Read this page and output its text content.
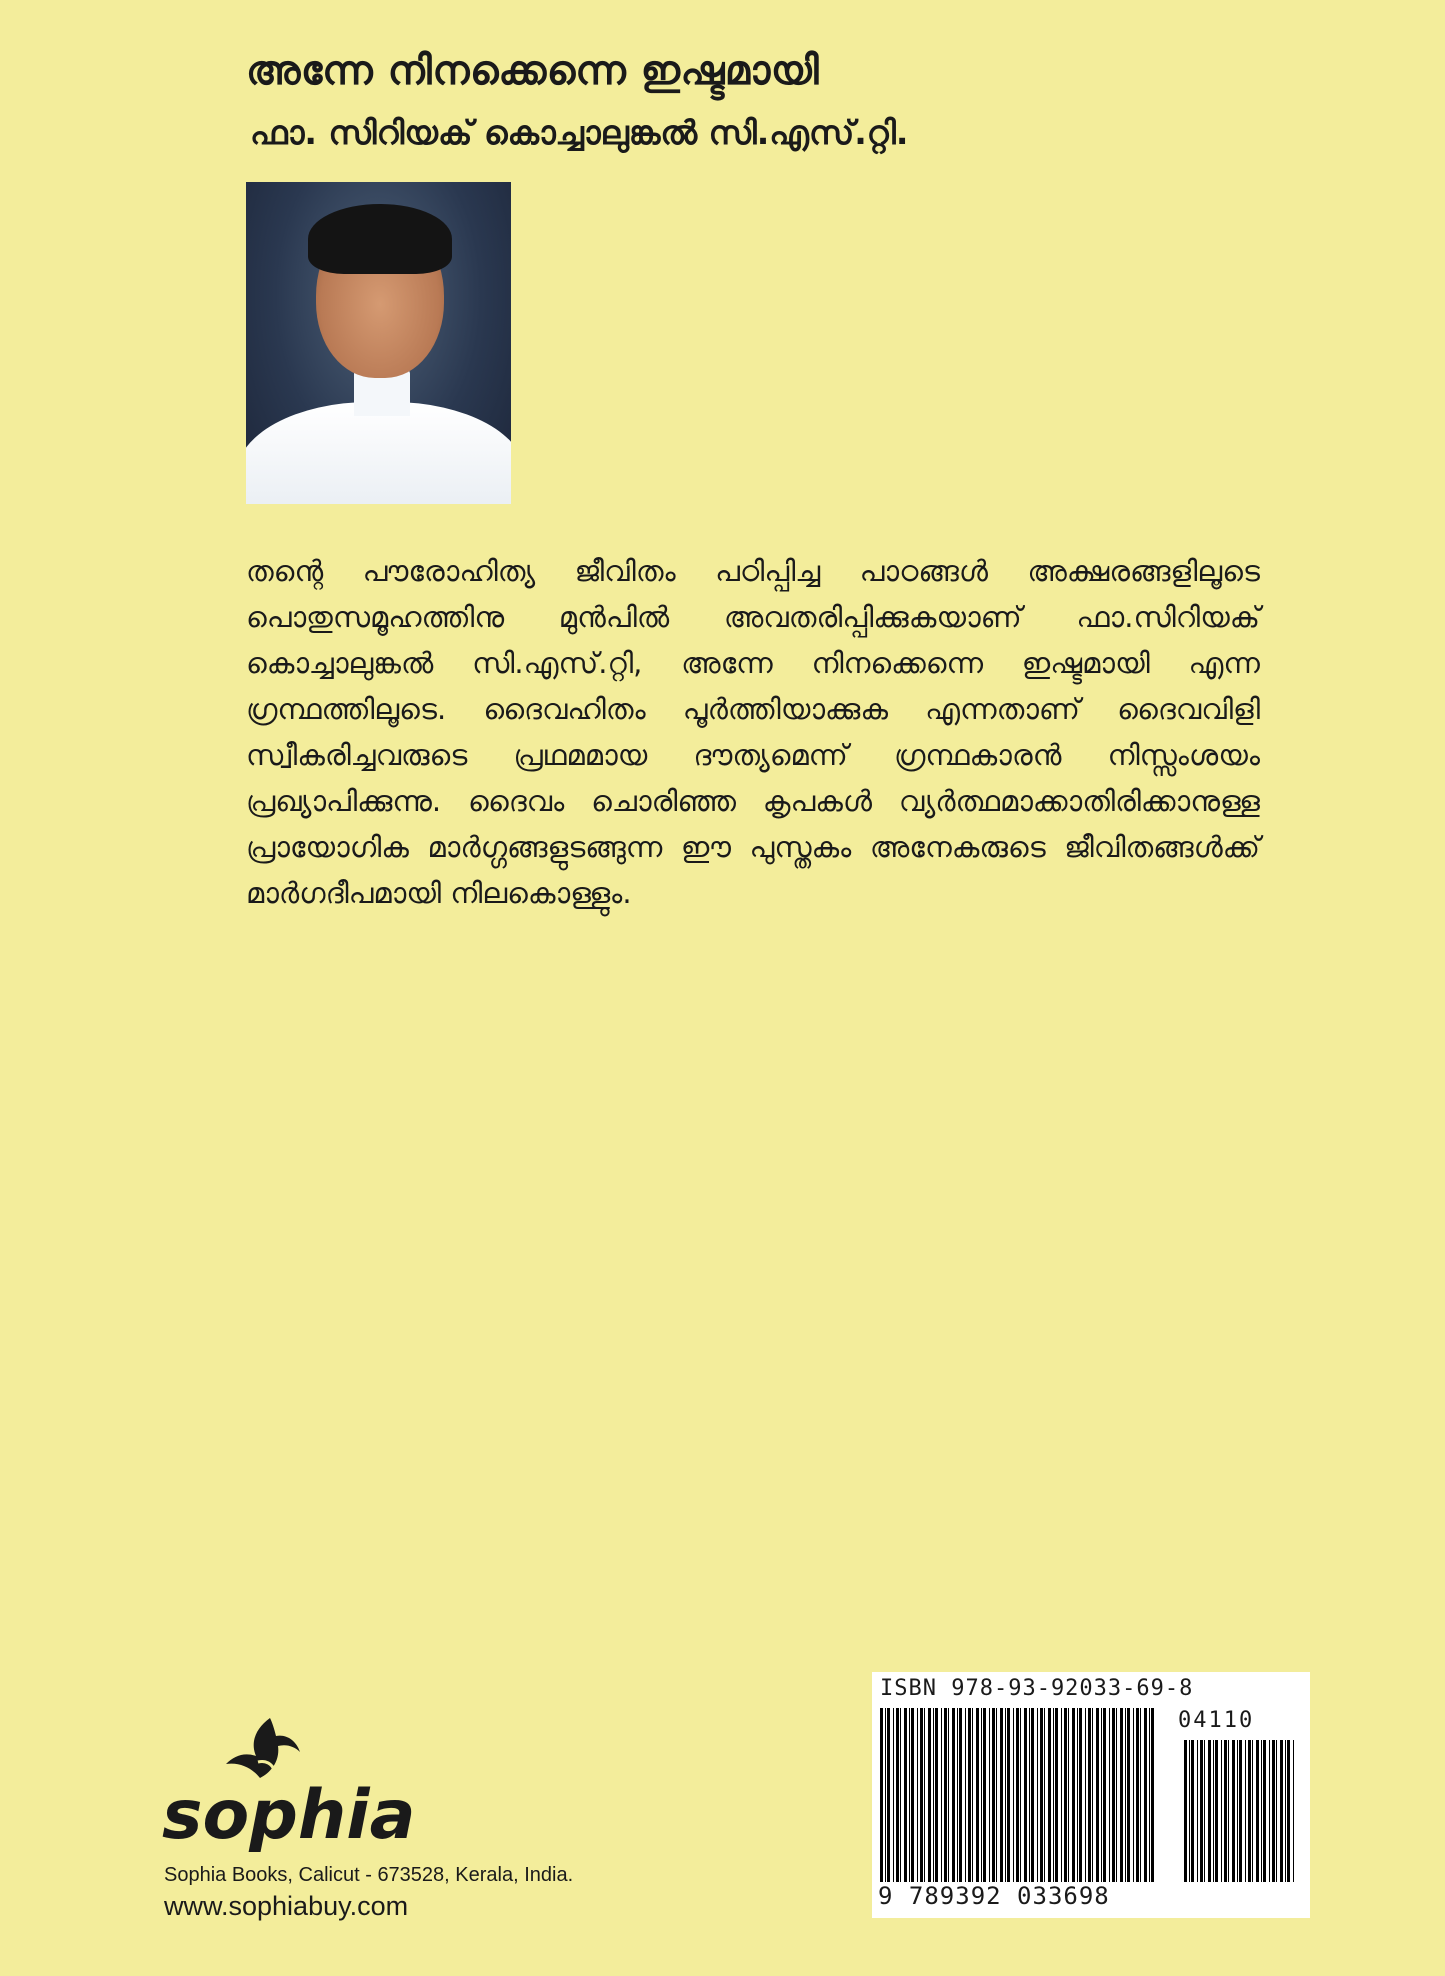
അന്നേ നിനക്കെന്നെ ഇഷ്ടമായി
ഫാ. സിറിയക് കൊച്ചാലുങ്കൽ സി.എസ്.റ്റി.

തന്റെ പൗരോഹിത്യ ജീവിതം പഠിപ്പിച്ച പാഠങ്ങൾ അക്ഷരങ്ങളിലൂടെ പൊതുസമൂഹത്തിനു മുൻപിൽ അവതരിപ്പിക്കുകയാണ് ഫാ.സിറിയക് കൊച്ചാലുങ്കൽ സി.എസ്.റ്റി, അന്നേ നിനക്കെന്നെ ഇഷ്ടമായി എന്ന ഗ്രന്ഥത്തിലൂടെ. ദൈവഹിതം പൂർത്തിയാക്കുക എന്നതാണ് ദൈവവിളി സ്വീകരിച്ചവരുടെ പ്രഥമമായ ദൗത്യമെന്ന് ഗ്രന്ഥകാരൻ നിസ്സംശയം പ്രഖ്യാപിക്കുന്നു. ദൈവം ചൊരിഞ്ഞ കൃപകൾ വ്യർത്ഥമാക്കാതിരിക്കാനുള്ള പ്രായോഗിക മാർഗ്ഗങ്ങളുടങ്ങുന്ന ഈ പുസ്തകം അനേകരുടെ ജീവിതങ്ങൾക്ക് മാർഗദീപമായി നിലകൊള്ളും.

sophia
Sophia Books, Calicut - 673528, Kerala, India.
www.sophiabuy.com
ISBN 978-93-92033-69-8
04110
9 789392 033698
